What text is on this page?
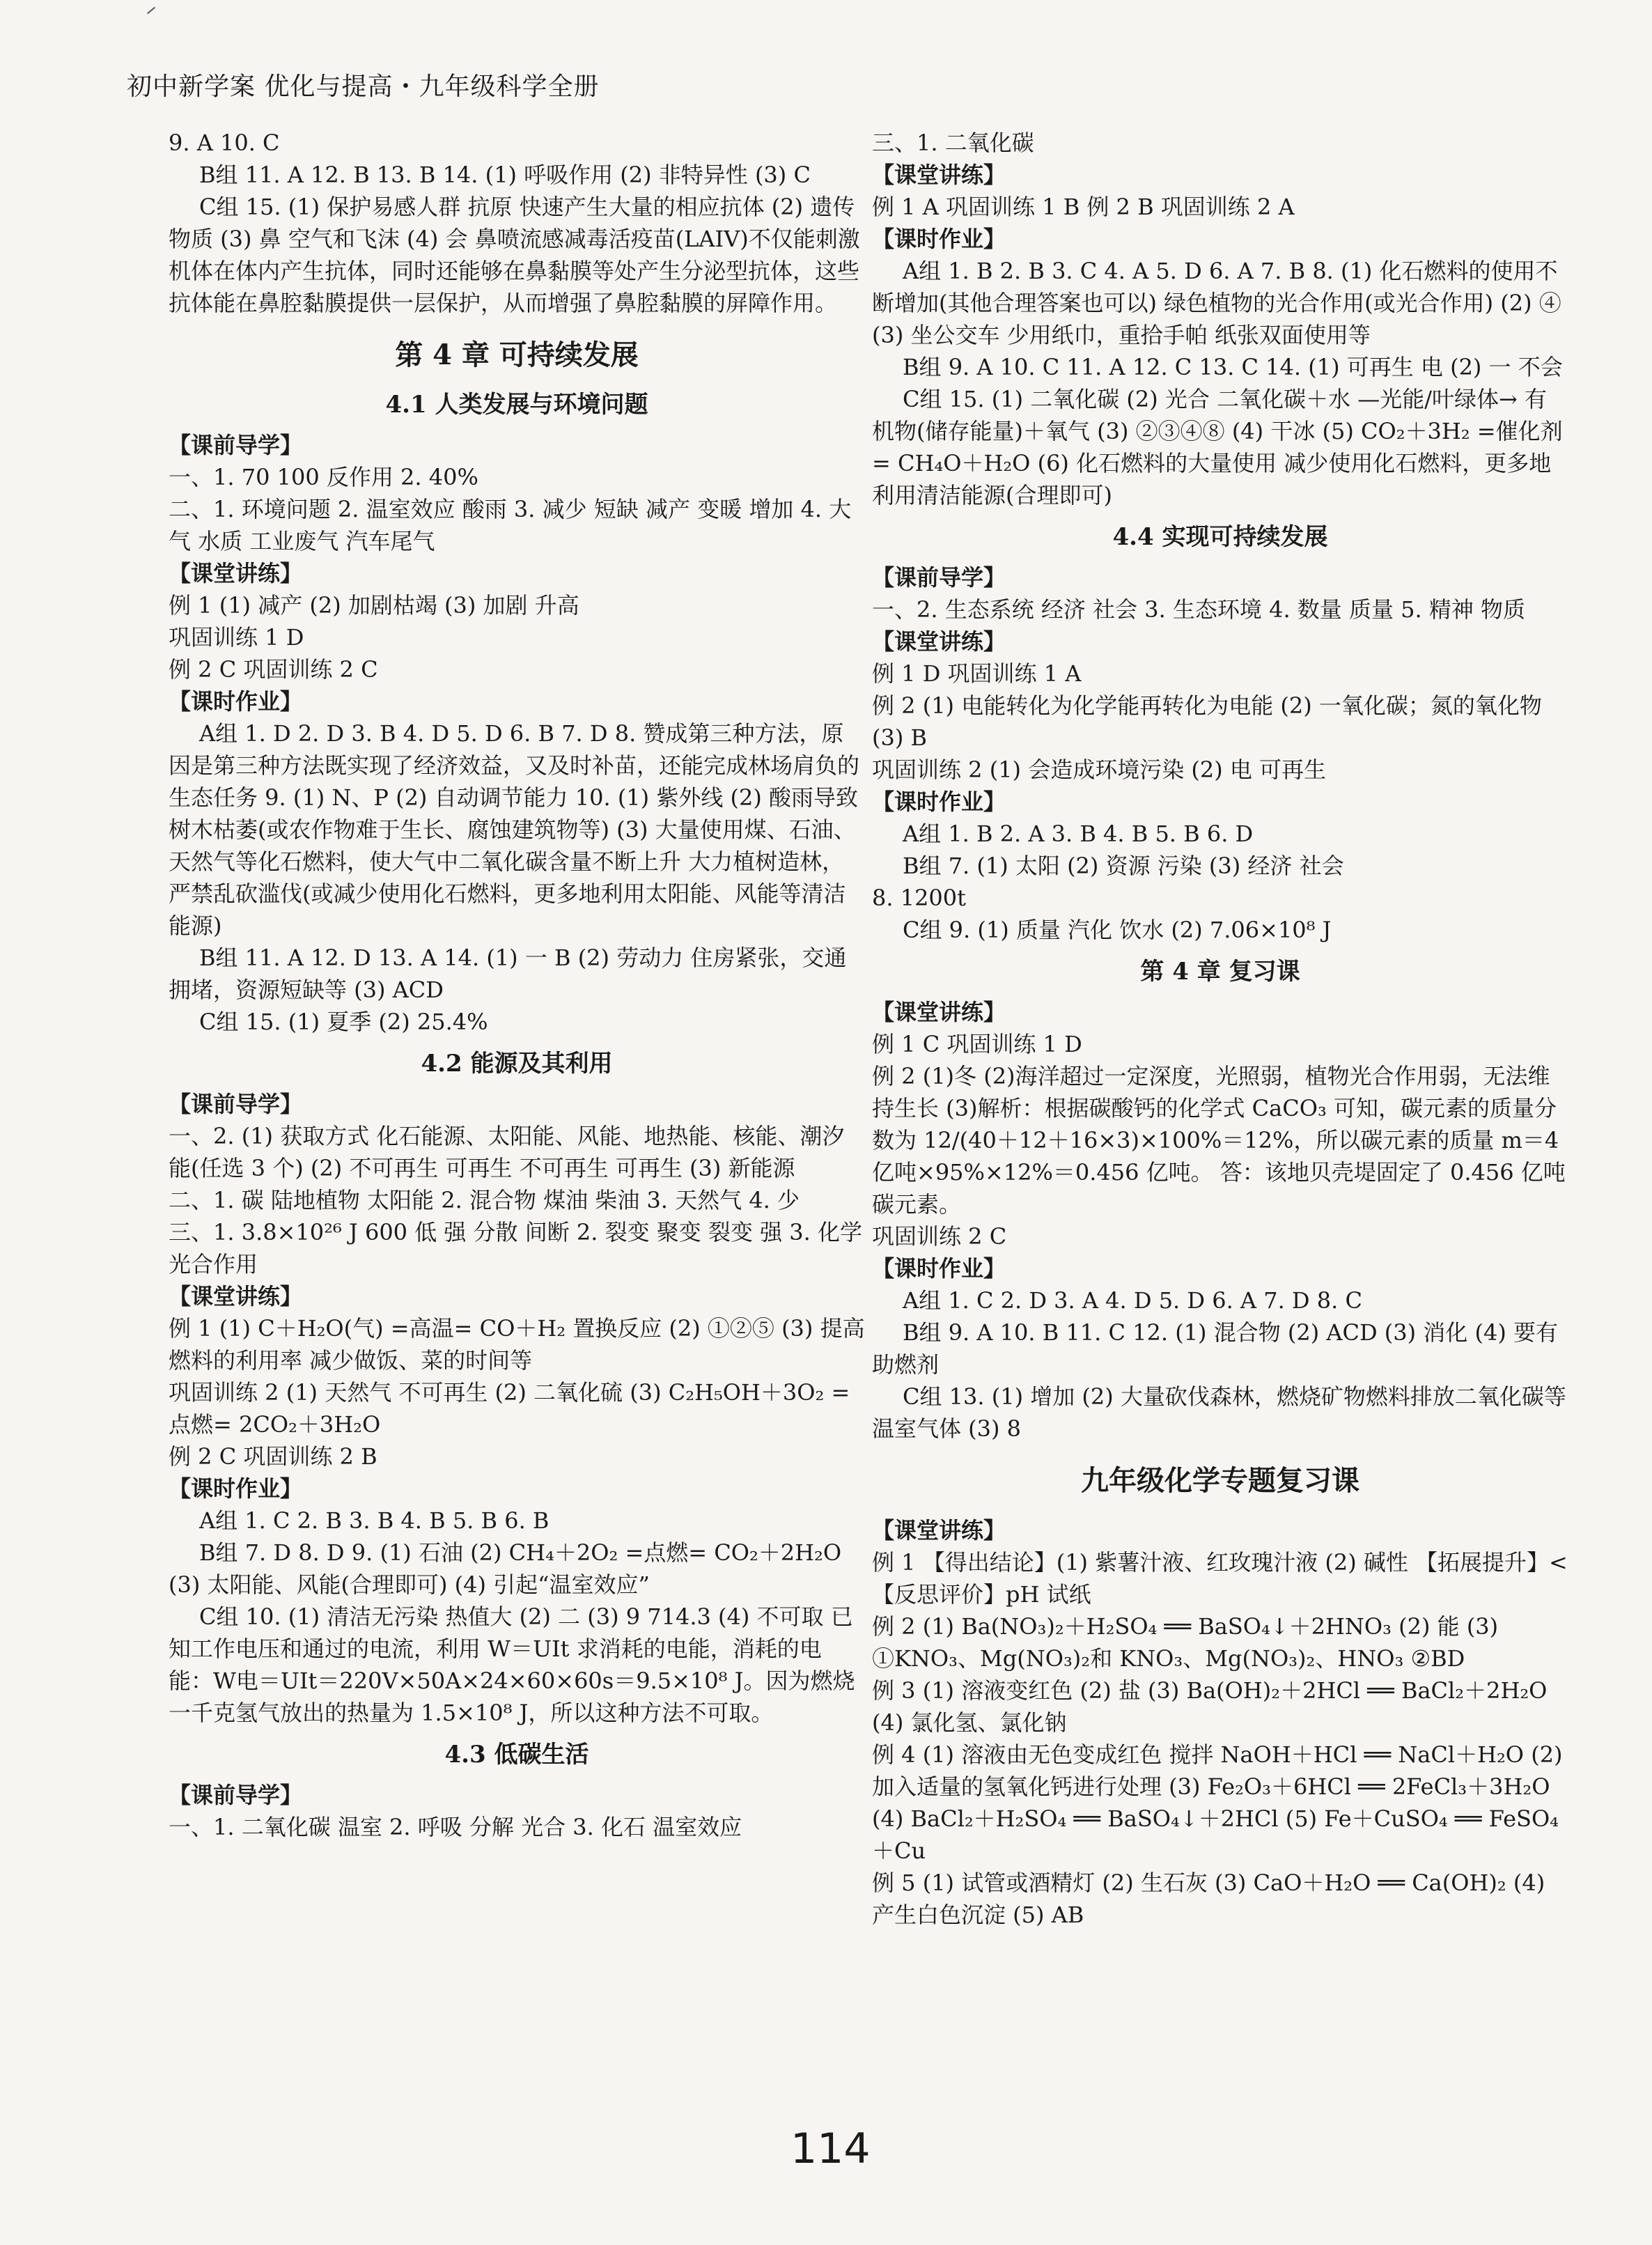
初中新学案 优化与提高・九年级科学全册

9. A 10. C

B组 11. A 12. B 13. B 14. (1) 呼吸作用 (2) 非特异性 (3) C

C组 15. (1) 保护易感人群 抗原 快速产生大量的相应抗体 (2) 遗传物质 (3) 鼻 空气和飞沫 (4) 会 鼻喷流感减毒活疫苗(LAIV)不仅能刺激机体在体内产生抗体，同时还能够在鼻黏膜等处产生分泌型抗体，这些抗体能在鼻腔黏膜提供一层保护，从而增强了鼻腔黏膜的屏障作用。

第 4 章 可持续发展

4.1 人类发展与环境问题

【课前导学】

一、1. 70 100 反作用 2. 40%

二、1. 环境问题 2. 温室效应 酸雨 3. 减少 短缺 减产 变暖 增加 4. 大气 水质 工业废气 汽车尾气

【课堂讲练】

例 1 (1) 减产 (2) 加剧枯竭 (3) 加剧 升高

巩固训练 1 D

例 2 C 巩固训练 2 C

【课时作业】

A组 1. D 2. D 3. B 4. D 5. D 6. B 7. D 8. 赞成第三种方法，原因是第三种方法既实现了经济效益，又及时补苗，还能完成林场肩负的生态任务 9. (1) N、P (2) 自动调节能力 10. (1) 紫外线 (2) 酸雨导致树木枯萎(或农作物难于生长、腐蚀建筑物等) (3) 大量使用煤、石油、天然气等化石燃料，使大气中二氧化碳含量不断上升 大力植树造林，严禁乱砍滥伐(或减少使用化石燃料，更多地利用太阳能、风能等清洁能源)

B组 11. A 12. D 13. A 14. (1) 一 B (2) 劳动力 住房紧张，交通拥堵，资源短缺等 (3) ACD

C组 15. (1) 夏季 (2) 25.4%

4.2 能源及其利用

【课前导学】

一、2. (1) 获取方式 化石能源、太阳能、风能、地热能、核能、潮汐能(任选 3 个) (2) 不可再生 可再生 不可再生 可再生 (3) 新能源

二、1. 碳 陆地植物 太阳能 2. 混合物 煤油 柴油 3. 天然气 4. 少

三、1. 3.8×10²⁶ J 600 低 强 分散 间断 2. 裂变 聚变 裂变 强 3. 化学 光合作用

【课堂讲练】

例 1 (1) C＋H₂O(气) =高温= CO＋H₂ 置换反应 (2) ①②⑤ (3) 提高燃料的利用率 减少做饭、菜的时间等

巩固训练 2 (1) 天然气 不可再生 (2) 二氧化硫 (3) C₂H₅OH＋3O₂ =点燃= 2CO₂＋3H₂O

例 2 C 巩固训练 2 B

【课时作业】

A组 1. C 2. B 3. B 4. B 5. B 6. B

B组 7. D 8. D 9. (1) 石油 (2) CH₄＋2O₂ =点燃= CO₂＋2H₂O (3) 太阳能、风能(合理即可) (4) 引起“温室效应”

C组 10. (1) 清洁无污染 热值大 (2) 二 (3) 9 714.3 (4) 不可取 已知工作电压和通过的电流，利用 W＝UIt 求消耗的电能，消耗的电能：W电＝UIt＝220V×50A×24×60×60s＝9.5×10⁸ J。因为燃烧一千克氢气放出的热量为 1.5×10⁸ J，所以这种方法不可取。

4.3 低碳生活

【课前导学】

一、1. 二氧化碳 温室 2. 呼吸 分解 光合 3. 化石 温室效应

三、1. 二氧化碳

【课堂讲练】

例 1 A 巩固训练 1 B 例 2 B 巩固训练 2 A

【课时作业】

A组 1. B 2. B 3. C 4. A 5. D 6. A 7. B 8. (1) 化石燃料的使用不断增加(其他合理答案也可以) 绿色植物的光合作用(或光合作用) (2) ④ (3) 坐公交车 少用纸巾，重拾手帕 纸张双面使用等

B组 9. A 10. C 11. A 12. C 13. C 14. (1) 可再生 电 (2) 一 不会

C组 15. (1) 二氧化碳 (2) 光合 二氧化碳＋水 —光能/叶绿体→ 有机物(储存能量)＋氧气 (3) ②③④⑧ (4) 干冰 (5) CO₂＋3H₂ =催化剂= CH₄O＋H₂O (6) 化石燃料的大量使用 减少使用化石燃料，更多地利用清洁能源(合理即可)

4.4 实现可持续发展

【课前导学】

一、2. 生态系统 经济 社会 3. 生态环境 4. 数量 质量 5. 精神 物质

【课堂讲练】

例 1 D 巩固训练 1 A

例 2 (1) 电能转化为化学能再转化为电能 (2) 一氧化碳；氮的氧化物 (3) B

巩固训练 2 (1) 会造成环境污染 (2) 电 可再生

【课时作业】

A组 1. B 2. A 3. B 4. B 5. B 6. D

B组 7. (1) 太阳 (2) 资源 污染 (3) 经济 社会

8. 1200t

C组 9. (1) 质量 汽化 饮水 (2) 7.06×10⁸ J

第 4 章 复习课

【课堂讲练】

例 1 C 巩固训练 1 D

例 2 (1)冬 (2)海洋超过一定深度，光照弱，植物光合作用弱，无法维持生长 (3)解析：根据碳酸钙的化学式 CaCO₃ 可知，碳元素的质量分数为 12/(40＋12＋16×3)×100%＝12%，所以碳元素的质量 m＝4 亿吨×95%×12%＝0.456 亿吨。 答：该地贝壳堤固定了 0.456 亿吨碳元素。

巩固训练 2 C

【课时作业】

A组 1. C 2. D 3. A 4. D 5. D 6. A 7. D 8. C

B组 9. A 10. B 11. C 12. (1) 混合物 (2) ACD (3) 消化 (4) 要有助燃剂

C组 13. (1) 增加 (2) 大量砍伐森林，燃烧矿物燃料排放二氧化碳等温室气体 (3) 8

九年级化学专题复习课

【课堂讲练】

例 1 【得出结论】(1) 紫薯汁液、红玫瑰汁液 (2) 碱性 【拓展提升】< 【反思评价】pH 试纸

例 2 (1) Ba(NO₃)₂＋H₂SO₄ ══ BaSO₄↓＋2HNO₃ (2) 能 (3) ①KNO₃、Mg(NO₃)₂和 KNO₃、Mg(NO₃)₂、HNO₃ ②BD

例 3 (1) 溶液变红色 (2) 盐 (3) Ba(OH)₂＋2HCl ══ BaCl₂＋2H₂O (4) 氯化氢、氯化钠

例 4 (1) 溶液由无色变成红色 搅拌 NaOH＋HCl ══ NaCl＋H₂O (2) 加入适量的氢氧化钙进行处理 (3) Fe₂O₃＋6HCl ══ 2FeCl₃＋3H₂O (4) BaCl₂＋H₂SO₄ ══ BaSO₄↓＋2HCl (5) Fe＋CuSO₄ ══ FeSO₄＋Cu

例 5 (1) 试管或酒精灯 (2) 生石灰 (3) CaO＋H₂O ══ Ca(OH)₂ (4) 产生白色沉淀 (5) AB

114
